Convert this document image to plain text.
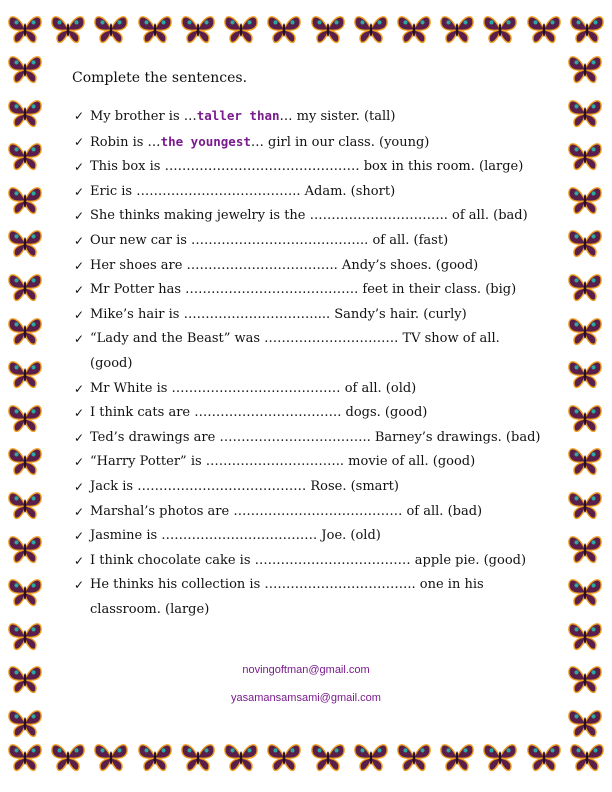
Complete the sentences.
✓ My brother is …taller than… my sister. (tall)
✓ Robin is …the youngest… girl in our class. (young)
✓ This box is ……………………………………… box in this room. (large)
✓ Eric is ……………………………….. Adam. (short)
✓ She thinks making jewelry is the ………………………….. of all. (bad)
✓ Our new car is ………………………………….. of all. (fast)
✓ Her shoes are …………………………….. Andy’s shoes. (good)
✓ Mr Potter has …………………………………. feet in their class. (big)
✓ Mike’s hair is ………………………….... Sandy’s hair. (curly)
✓ “Lady and the Beast” was …………………………. TV show of all.
(good)
✓ Mr White is ………………………………… of all. (old)
✓ I think cats are ……………………………. dogs. (good)
✓ Ted’s drawings are …………………………….. Barney’s drawings. (bad)
✓ “Harry Potter” is ………………………….. movie of all. (good)
✓ Jack is ………………………………… Rose. (smart)
✓ Marshal’s photos are ………………………………… of all. (bad)
✓ Jasmine is ……………………………… Joe. (old)
✓ I think chocolate cake is ……………………………… apple pie. (good)
✓ He thinks his collection is …………………………….. one in his
classroom. (large)
novingoftman@gmail.com
yasamansamsami@gmail.com
